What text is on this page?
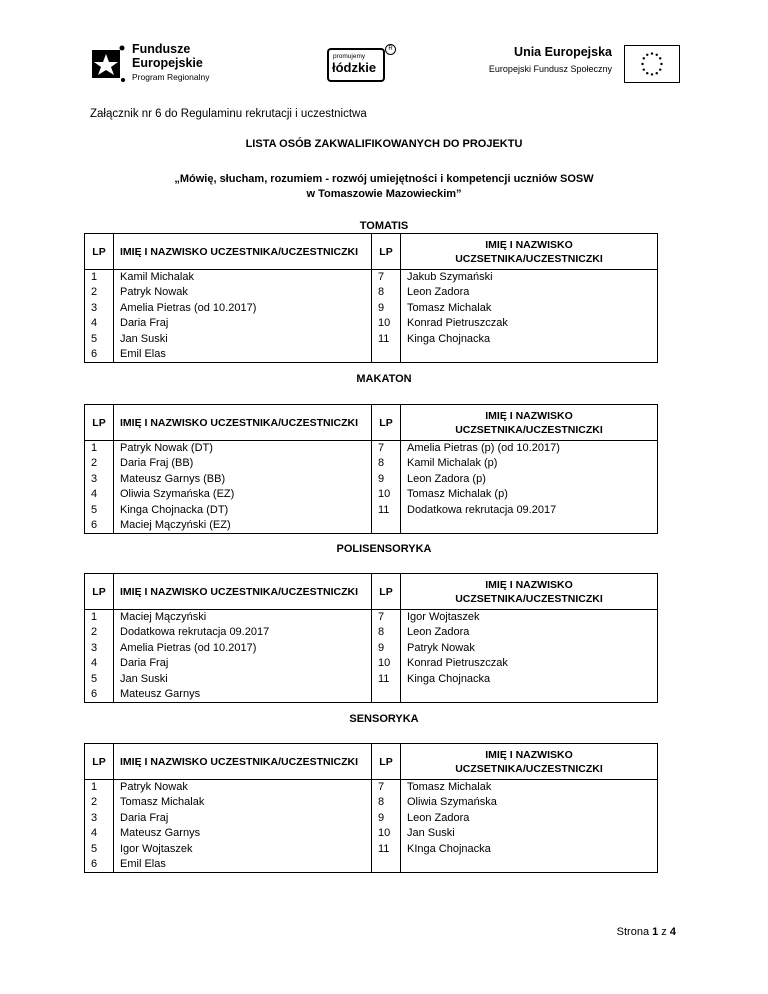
Fundusze
Europejskie
Program Regionalny
promujemy
łódzkie
R	Unia Europejska
Europejski Fundusz Społeczny
Załącznik nr 6 do Regulaminu rekrutacji i uczestnictwa
LISTA OSÓB ZAKWALIFIKOWANYCH DO PROJEKTU
„Mówię, słucham, rozumiem - rozwój umiejętności i kompetencji uczniów SOSW
w Tomaszowie Mazowieckim”
TOMATIS
LP	IMIĘ I NAZWISKO UCZESTNIKA/UCZESTNICZKI	LP	IMIĘ I NAZWISKO UCZSETNIKA/UCZESTNICZKI
1	Kamil Michalak	7	Jakub Szymański
2	Patryk Nowak	8	Leon Zadora
3	Amelia Pietras (od 10.2017)	9	Tomasz Michalak
4	Daria Fraj	10	Konrad Pietruszczak
5	Jan Suski	11	Kinga Chojnacka
6	Emil Elas		
MAKATON
LP	IMIĘ I NAZWISKO UCZESTNIKA/UCZESTNICZKI	LP	IMIĘ I NAZWISKO UCZSETNIKA/UCZESTNICZKI
1	Patryk Nowak (DT)	7	Amelia Pietras (p) (od 10.2017)
2	Daria Fraj (BB)	8	Kamil Michalak (p)
3	Mateusz Garnys (BB)	9	Leon Zadora (p)
4	Oliwia Szymańska (EZ)	10	Tomasz Michalak (p)
5	Kinga Chojnacka (DT)	11	Dodatkowa rekrutacja 09.2017
6	Maciej Mączyński (EZ)		
POLISENSORYKA
LP	IMIĘ I NAZWISKO UCZESTNIKA/UCZESTNICZKI	LP	IMIĘ I NAZWISKO UCZSETNIKA/UCZESTNICZKI
1	Maciej Mączyński	7	Igor Wojtaszek
2	Dodatkowa rekrutacja 09.2017	8	Leon Zadora
3	Amelia Pietras (od 10.2017)	9	Patryk Nowak
4	Daria Fraj	10	Konrad Pietruszczak
5	Jan Suski	11	Kinga Chojnacka
6	Mateusz Garnys		
SENSORYKA
LP	IMIĘ I NAZWISKO UCZESTNIKA/UCZESTNICZKI	LP	IMIĘ I NAZWISKO UCZSETNIKA/UCZESTNICZKI
1	Patryk Nowak	7	Tomasz Michalak
2	Tomasz Michalak	8	Oliwia Szymańska
3	Daria Fraj	9	Leon Zadora
4	Mateusz Garnys	10	Jan Suski
5	Igor Wojtaszek	11	KInga Chojnacka
6	Emil Elas		
Strona 1 z 4
